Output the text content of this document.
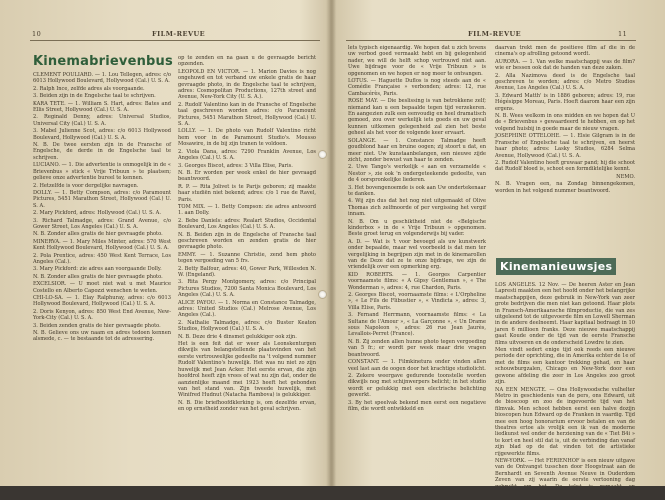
10	FILM-REVUE	FILM-REVUE	11
Kinemabrievenbus

CLEMENT POULIARD. — 1. Lou Tellegen, adres: c/o 6013 Hollywood Boulevard, Hollywood (Cal.) U. S. A.

2. Ralph Ince, zelfde adres als voorgaande.

3. Beiden zijn in de Engelsche taal te schrijven.

KARA TETE. — 1. William S. Hart, adres: Bates and Ellis Street, Hollywood (Cal.) U. S. A.

2. Reginald Denny, adres: Universal Studios, Universal City (Cal.) U. S. A.

3. Mabel Julienne Scot, adres: c/o 6013 Hollywood Boulevard, Hollywood (Cal.) U. S. A.

N. B. De twee eersten zijn in de Fransche of Engelsche, de derde in de Engelsche taal te schrijven.

LUCIANO. — 1. Die advertentie is onmogelijk in de « Brievenbus » stick « Vrije Tribuun » te plaatsen; gelieve onze advertentie bureel te kennen.

2. Hetzelfde is voor dergelijke navragen.

DOLLY. — 1. Betty Compson, adres: c/o Paramount Pictures, 5451 Marathon Street, Hollywood (Cal.) U. S. A.

2. Mary Pickford, adres: Hollywood (Cal.) U. S. A.

3. Richard Talmadge, adres: Grand Avenue, c/o Gower Street, Los Angeles (Cal.) U. S. A.

N. B. Zonder alles gratis de hier gevraagde photo.

MINERVA. — 1. Mary Miles Minter, adres: 570 West Kent Hollywood Boulevard, Hollywood (Cal.) U. S. A.

2. Pola Prentice, adres: 450 West Kent Terrace, Los Angeles (Cal.).

3. Mary Pickford: zie adres aan voorgaande Dolly.

N. B. Zonder alles gratis de hier gevraagde photo.

EXCELSIOR. — U moet niet wat u met Maurice Costello en Alberto Capozzi wenschen te weten.

CHI-LO-SA. — 1. Elay Ralphuray, adres: c/o 6013 Hollywood Boulevard, Hollywood (Cal.) U. S. A.

2. Doris Kenyon, adres: 850 West End Avenue, New-York-City (Cal.) U. S. A.

3. Beiden zenden gratis de hier gevraagde photo.

N. B. Gelieve ons uw naam en adres tedoen kennen alsmede, c. — te bestaande tot de adressering.

op te zenden en na gaan u de gevraagde bericht opzenden.

LEOPOLD EN VICTOR. — 1. Marion Davies is nog ongehuwd en tot verband uw enkele gratis de haar gevraagde photo, in de Engelsche taal te schrijven, adres: Cosmopolitan Productions, 127th street and Avenue, New-York City (U. S. A.).

2. Rudolf Valentino kan in de Fransche of Engelsche taal geschreven worden adres: c/o Paramount Pictures, 5451 Marathon Street, Hollywood (Cal.) U. S. A.

LOLLY. — 1. De photo van Rudolf Valentino richt hem voor in de Paramount Studio's. Mousso Mosawire, in de bij zijn tranen te voldoen.

2. Viola Dana, adres: 7290 Franklin Avenue, Los Angeles (Cal.) U. S. A.

3. Georges Biscot, adres: 3 Villa Elise, Paris.

N. B. Er worden per week enkel de hier gevraagd beantwoord.

R. P. — Rita Jolivet is te Parijs geboren; zij maakte haar studiën niet bekend; adres: c/o 1 rue de Ravel, Paris.

TOM MIX. — 1. Betty Compson: zie adres antwoord 1. aan Dolly.

2. Bebe Daniels: adres: Realart Studios, Occidental Boulevard, Los Angeles (Cal.) U. S. A.

N. B. Beiden zijn in de Engelsche of Fransche taal geschreven worden en zenden gratis de hier gevraagde photo.

EMMY. — 1. Suzanne Christie, zend hem photo tegen vergoeding van 5 frs.

2. Betty Balfour, adres: 40, Gower Park, Willesden N. W. (Engeland).

3. Rita Pergy Montgomery, adres: c/o Principal Pictures Studios, 7200 Santa Monica Boulevard, Los Angeles (Cal.) U. S. A.

ALICE PAYOU. — 1. Norma en Constance Talmadge, adres: United Studios (Cal.) Melrose Avenue, Los Angeles (Cal.).

2. Nathalie Talmadge, adres: c/o Buster Keaton Studios, Hollywood (Cal.) U. S. A.

N. B. Deze drie 4 dinsmet gelukkiger ook zijn.

Het is een feit dat er weer als Leonskenturgen dikwijls van belangstellende plaatsvinden van het eerste vertrouwelijke gedeelte na 't volgend nummer Rudolf Valentino's huwelijk. Het was nu niet zo zijn huwelijk met Jean Acker. Het eerste ervan, die zijn hoofdrol heeft zijn vrees of wat nu zijn dat, onder de aanzienlijke maand mei 1923 heeft het gebonden van het stand van. Zijn tweede huwelijk, met Winifred Hudnut (Natacha Rambova) is gelukkiger.

N. B. Die briefhoofdklerking is, om dezelfde ervan, en op ernstheid zonder van het geval schrijven.

lets typisch eigenaardig. We hopen dat u zich tevens uw verbod goed vermaakt hebt en bij gelegenheid nader, we will de helft schop vertrouwd niet aan. Uwe bijdrage voor de « Vrije Tribuun » is opgenomen en we hopen er nog meer te ontvangen.

LOTUS. — Haguette Duflos is nog steeds aan de « Comédie Française » verbonden; adres: 12, rue Cambacérès, Paris.

ROSE MAY. — Die beslissing is van betrokkene zelf; niemand kan u een bepaalde tegen tijd verzekeren. En aangezien zulk een eenvoudig en heel dramatisch gemoed, zou over werkelijk iets goeds en uw geval kunnen uitkomen gelegenheid zal zien het beste geheel als het voor de volgende keer ervaart.

SOLANGE. — 1. Constance Talmadge heeft goudblond haar en bruine oogen; zij stoort u dat, en meer niet. Uw kunstaanbelangen, een nieuwe zijde zicht, zonder bewust van haar te zenden.

2. Uwe Tango's werkelijk « aan en verzamelde « Nestor », zie ook 'n ondergeteekende gedeelte, van de 4 oorspronkelijke liederen.

3. Het bovengenoemde is ook aan Uw ondertekenaar te danken.

4. Wij zijn dus dat het nog niet uitgemaakt of Olive Thomas zich zelfmoorde of per vergissing het vergif innam.

N. B. Om u geschiktheid niet de «Belgische kinderbox » in de « Vrije Tribuun » opgenomen. Beste groet terug en volgenderwijs bij vader.

A. D. — Wat is 't voor bevoegd als uw kunstwerk onder bepaalde, maar wel voorbeeld is dat men ter vergelijking in begrijpen zijn met in de kinemarollen van de Deze dat ze te onze bijdrage, we zijn de vriendelijk over een opmerking erg.

KID ROBERTS. — 1. Georges Carpentier voornaamste films: « A Gipsy Gentleman », « The Wonderman », adres: 4, rue Chardon, Paris.

2. Georges Biscot, voornaamste films: « L'Orpheline », « Le Fils de Flibustier », « Vindicta », adres: 3, Villa Elise, Paris.

3. Fernand Herrmann, voornaamste films: « La Sultane de l'Amour », « La Garçonne », « Un Drame sous Napoleon », adres: 26 rue Jean Jaurès, Levallois-Perret (France).

N. B. Zij zenden allen hunne photo tegen vergoeding van 5 fr.; er wordt per week maar drie vragen beantwoord.

CONSTANT. — 1. Filmkinetura onder vinden allen veel last aan de oogen door het krachtige studiolicht.

2. Zekere weergave gedurende toonstelle worden dikwijls nog met schijnwerpers belicht; in het studio wordt er gelukkig met een electrische belichting gewerkt.

3. By het speelvak bekend men eerst een negatieve film, die wordt ontwikkeld en

daarvan trekt men de positieve film af die in de cinema's op afrolling getoond wordt.

AURORA. — 1. Van welke maatschappij was de film? wie er bessen ook dat de handen van deze zaken.

2. Alla Nazimova deed is de Engelsche taal geschreven te worden; adres: c/o Metro Studios Avenue, Los Angeles (Cal.) U. S. A.

3. Edward Matth' is in 1886 geboren; adres: 19, rue Hégésippe Moreau, Paris. Hoeft daarom haar een zijn ergens.

N. B. Wees welkom in ons midden en we hopen dat U de « Brievenbus » gewaardeerd te hebben, en op het volgend huisbij in goede maar de nieuw vragen.

JOSEPHINE OTTELOHE. — 1. Elsie Gilgram is in de Fransche of Engelsche taal te schrijven, en heerst haar photo; adres: Lasky Studios, 6284 Selma Avenue, Hollywood (Cal.) U. S. A.

2. Rudolf Valentino heeft gruwaar pand; hij die schoot dat Rudolf bloed is, schoot een formdiktelijke kennt.

NEMO.

N. B. Vragen een, na Zondag binnengekomen, worden in het volgend nummer beantwoord.

Kinemanieuwsjes

LOS ANGELES. 12 Nov. — De heeren Aster en Jean Lapresti maakten een het hoofd onder het belangrijke maatschappijen, deze gebruik in New-York van zeer grote bedrijven die men niet kan getoond. Haar plots in Fransch-Amerikaansche filmproductie, die van zes uitgeleend tot de uitgevoerde film en Lowell Sherman in de andere deelneemt. Haar kapitaal bedraagt in 10 jaren 6 millioen franks. Deze nieuwe maatschappij gaat Koude onder de tijd van de eerste Fransche films uitvoeren en de onderscheid Lowdre te zien.

Men vindt sedert enige tijd ook reeds een nieuwe periode der oprichting, die in Amerika echter de 1e of met de films een kantoor trekking gehad, en haar schouwburgzalen, Chicago en New-York door een gewone afdeling die zeer in Los Angeles zoo groot zijn.

NA EEN MENGTE. — Ons Hollywoodsche vulhelter Metro in geschiedenis van de pers, ons Edward, uit de bioscoop en zoo de ingevoerde tijd van het filmvak. Men schoot hebben eerst een halve dozijn bioscopen hun Edward op de Franken in vaardig. Tijd mee een hoog honorarium ervoor betalen en van de theatres ertoe als vrolijk een ik van de moderne liedkunst wel onder de herziening van de « Tiet B4i » te kort en heel stil dat is, uit de verbinding dan vanaf zijn blad op de dat vinden tot de artistieke rijgewerkte films.

NEW-YORK. — Het FERIENHOF is een nieuw uitgave van de Ontvangst tusschen door Hoogstraat aan de Bernhardt en Seventh Avenue Neuve in Ouderdom Zeven van zij waarin de eerste vertooning dag
